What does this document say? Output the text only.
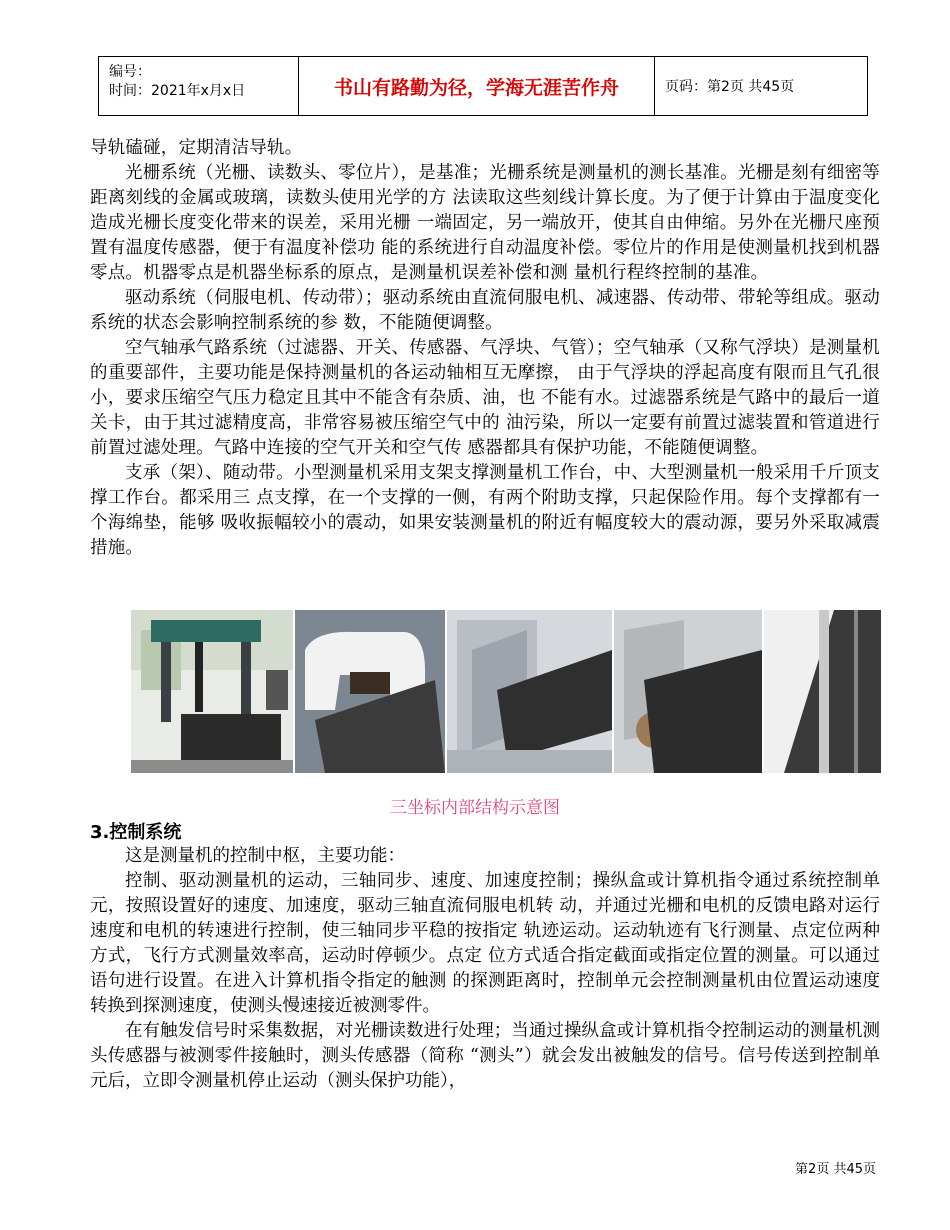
编号：
时间：2021年x月x日	书山有路勤为径，学海无涯苦作舟	页码：第2页 共45页

导轨磕碰，定期清洁导轨。

光栅系统（光栅、读数头、零位片），是基准；光栅系统是测量机的测长基准。光栅是刻有细密等距离刻线的金属或玻璃，读数头使用光学的方 法读取这些刻线计算长度。为了便于计算由于温度变化造成光栅长度变化带来的误差，采用光栅 一端固定，另一端放开，使其自由伸缩。另外在光栅尺座预置有温度传感器，便于有温度补偿功 能的系统进行自动温度补偿。零位片的作用是使测量机找到机器零点。机器零点是机器坐标系的原点，是测量机误差补偿和测 量机行程终控制的基准。

驱动系统（伺服电机、传动带）；驱动系统由直流伺服电机、减速器、传动带、带轮等组成。驱动系统的状态会影响控制系统的参 数，不能随便调整。

空气轴承气路系统（过滤器、开关、传感器、气浮块、气管）；空气轴承（又称气浮块）是测量机的重要部件，主要功能是保持测量机的各运动轴相互无摩擦， 由于气浮块的浮起高度有限而且气孔很小，要求压缩空气压力稳定且其中不能含有杂质、油，也 不能有水。过滤器系统是气路中的最后一道关卡，由于其过滤精度高，非常容易被压缩空气中的 油污染，所以一定要有前置过滤装置和管道进行前置过滤处理。气路中连接的空气开关和空气传 感器都具有保护功能，不能随便调整。

支承（架）、随动带。小型测量机采用支架支撑测量机工作台，中、大型测量机一般采用千斤顶支撑工作台。都采用三 点支撑，在一个支撑的一侧，有两个附助支撑，只起保险作用。每个支撑都有一个海绵垫，能够 吸收振幅较小的震动，如果安装测量机的附近有幅度较大的震动源，要另外采取减震措施。

三坐标内部结构示意图
3.控制系统

这是测量机的控制中枢，主要功能：

控制、驱动测量机的运动，三轴同步、速度、加速度控制；操纵盒或计算机指令通过系统控制单元，按照设置好的速度、加速度，驱动三轴直流伺服电机转 动，并通过光栅和电机的反馈电路对运行速度和电机的转速进行控制，使三轴同步平稳的按指定 轨迹运动。运动轨迹有飞行测量、点定位两种方式，飞行方式测量效率高，运动时停顿少。点定 位方式适合指定截面或指定位置的测量。可以通过语句进行设置。在进入计算机指令指定的触测 的探测距离时，控制单元会控制测量机由位置运动速度转换到探测速度，使测头慢速接近被测零件。

在有触发信号时采集数据，对光栅读数进行处理；当通过操纵盒或计算机指令控制运动的测量机测头传感器与被测零件接触时，测头传感器（简称 “测头”）就会发出被触发的信号。信号传送到控制单元后，立即令测量机停止运动（测头保护功能），

第2页 共45页
